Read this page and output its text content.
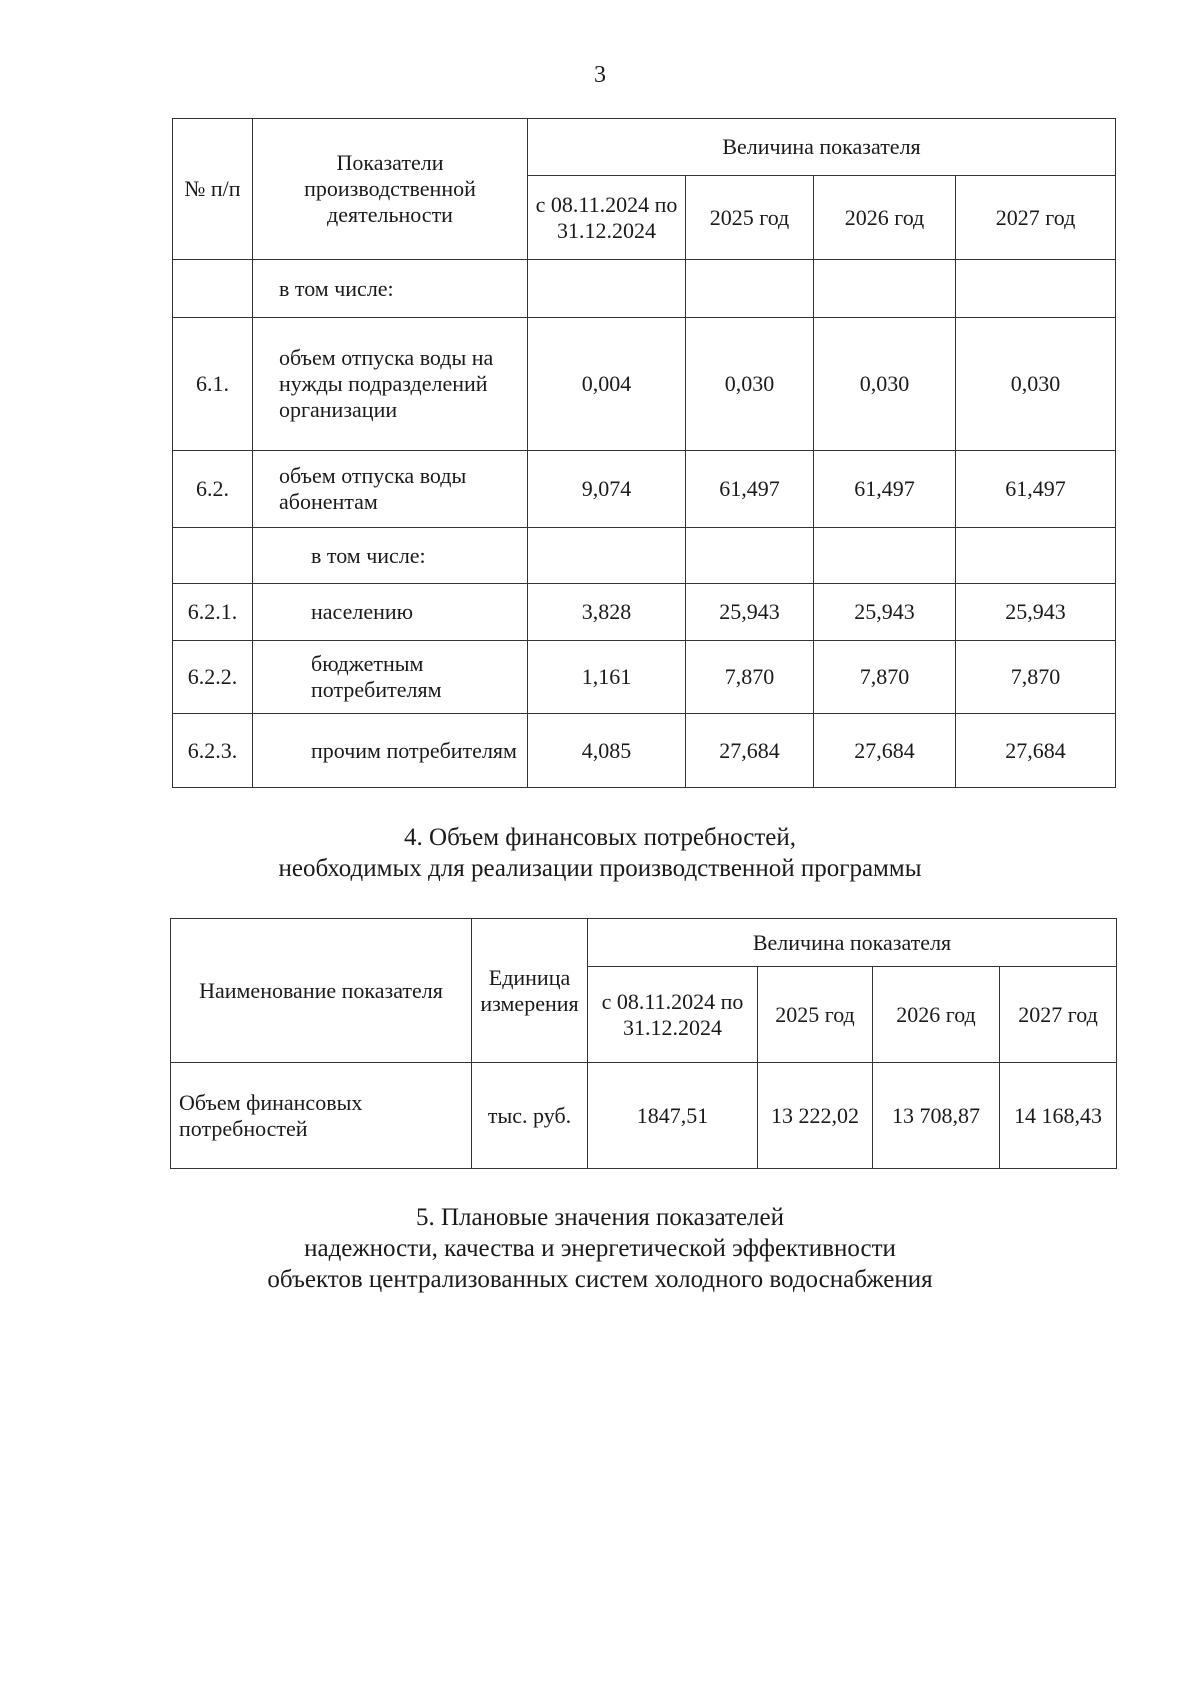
3
№ п/п	Показатели производственной деятельности	Величина показателя			
		с 08.11.2024 по 31.12.2024	2025 год	2026 год	2027 год
	в том числе:				
6.1.	объем отпуска воды на нужды подразделений организации	0,004	0,030	0,030	0,030
6.2.	объем отпуска воды абонентам	9,074	61,497	61,497	61,497
	в том числе:				
6.2.1.	населению	3,828	25,943	25,943	25,943
6.2.2.	бюджетным потребителям	1,161	7,870	7,870	7,870
6.2.3.	прочим потребителям	4,085	27,684	27,684	27,684
4. Объем финансовых потребностей,
необходимых для реализации производственной программы
Наименование показателя	Единица измерения	Величина показателя			
		с 08.11.2024 по 31.12.2024	2025 год	2026 год	2027 год
Объем финансовых потребностей	тыс. руб.	1847,51	13 222,02	13 708,87	14 168,43
5. Плановые значения показателей
надежности, качества и энергетической эффективности
объектов централизованных систем холодного водоснабжения
